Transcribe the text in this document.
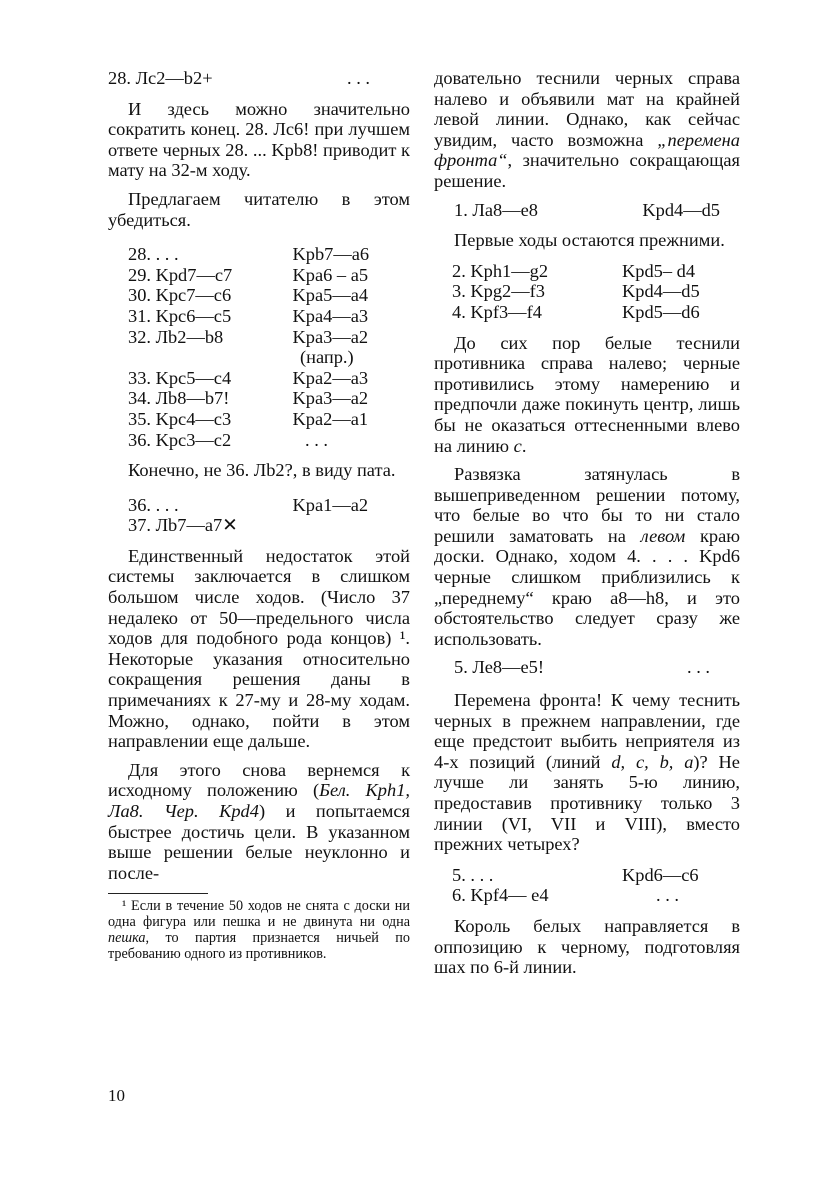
28. Лс2—b2+	. . .

И здесь можно значительно сократить конец. 28. Лс6! при лучшем ответе черных 28. ... Kpb8! приводит к мату на 32-м ходу.

Предлагаем читателю в этом убедиться.

28. . . .	Kpb7—a6
29. Kpd7—c7	Kpa6 – a5
30. Kpc7—c6	Kpa5—a4
31. Kpc6—c5	Kpa4—a3
32. Лb2—b8	Kpa3—a2
(напр.)
33. Kpc5—c4	Kpa2—a3
34. Лb8—b7!	Kpa3—a2
35. Kpc4—c3	Kpa2—a1
36. Kpc3—c2	. . .

Конечно, не 36. Лb2?, в виду пата.

36. . . .	Kpa1—a2
37. Лb7—a7✕

Единственный недостаток этой системы заключается в слишком большом числе ходов. (Число 37 недалеко от 50—предельного числа ходов для подобного рода концов) ¹. Некоторые указания относительно сокращения решения даны в примечаниях к 27-му и 28-му ходам. Можно, однако, пойти в этом направлении еще дальше.

Для этого снова вернемся к исходному положению (Бел. Kph1, Ла8. Чер. Kpd4) и попытаемся быстрее достичь цели. В указанном выше решении белые неуклонно и после-

¹ Если в течение 50 ходов не снята с доски ни одна фигура или пешка и не двинута ни одна пешка, то партия признается ничьей по требованию одного из противников.

10

довательно теснили черных справа налево и объявили мат на крайней левой линии. Однако, как сейчас увидим, часто возможна „перемена фронта“, значительно сокращающая решение.

1. Ла8—е8	Kpd4—d5

Первые ходы остаются прежними.

2. Kph1—g2	Kpd5– d4
3. Kpg2—f3	Kpd4—d5
4. Kpf3—f4	Kpd5—d6

До сих пор белые теснили противника справа налево; черные противились этому намерению и предпочли даже покинуть центр, лишь бы не оказаться оттесненными влево на линию c.

Развязка затянулась в вышеприведенном решении потому, что белые во что бы то ни стало решили заматовать на левом краю доски. Однако, ходом 4. . . . Kpd6 черные слишком приблизились к „переднему“ краю а8—h8, и это обстоятельство следует сразу же использовать.

5. Ле8—е5!	. . .

Перемена фронта! К чему теснить черных в прежнем направлении, где еще предстоит выбить неприятеля из 4-х позиций (линий d, c, b, a)? Не лучше ли занять 5-ю линию, предоставив противнику только 3 линии (VI, VII и VIII), вместо прежних четырех?

5. . . .	Kpd6—c6
6. Kpf4— e4	. . .

Король белых направляется в оппозицию к черному, подготовляя шах по 6-й линии.
